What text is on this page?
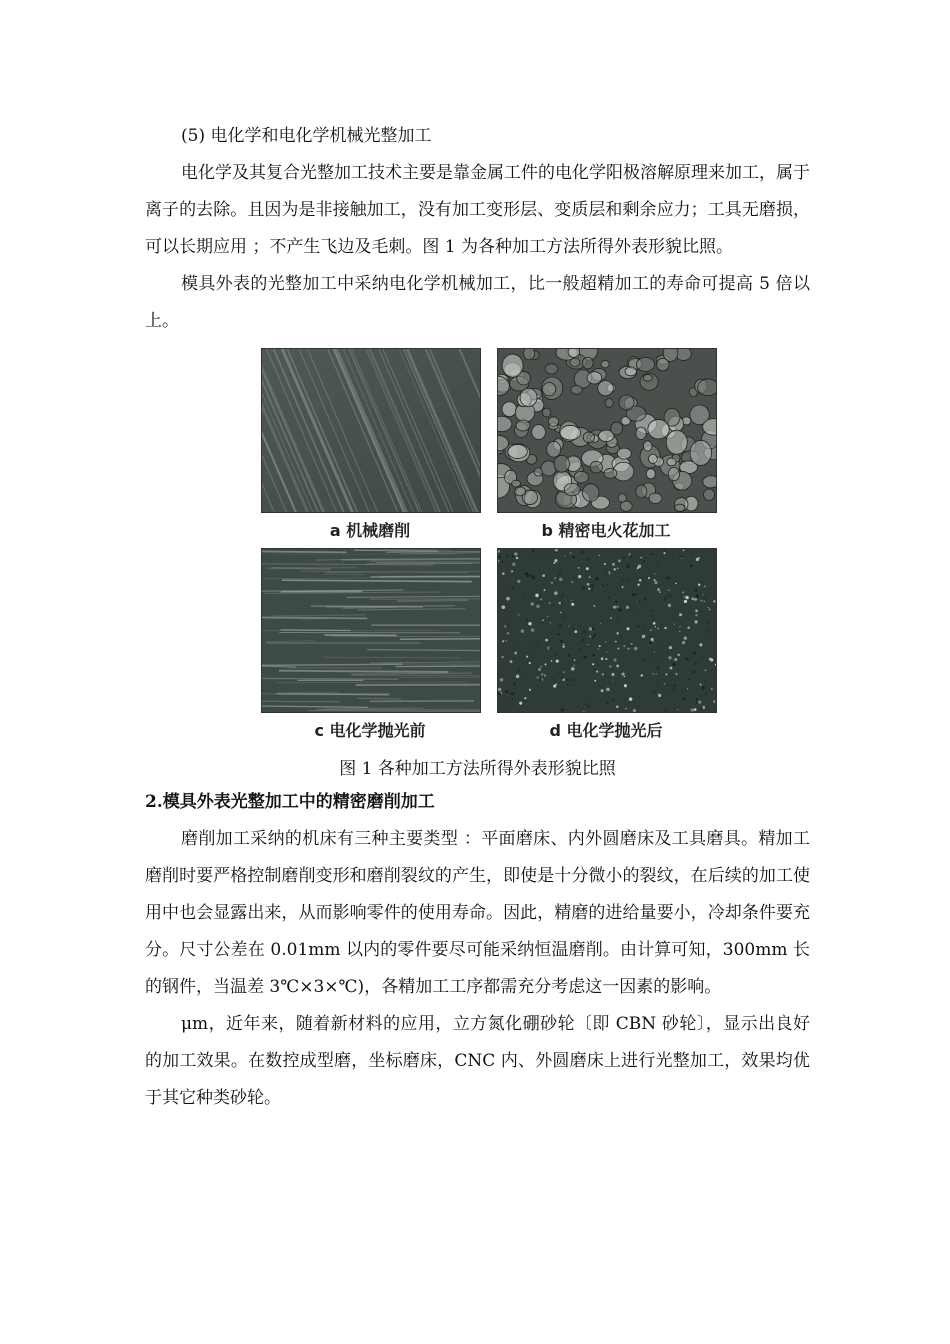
(5) 电化学和电化学机械光整加工

电化学及其复合光整加工技术主要是靠金属工件的电化学阳极溶解原理来加工，属于离子的去除。且因为是非接触加工，没有加工变形层、变质层和剩余应力；工具无磨损，可以长期应用 ；不产生飞边及毛刺。图 1 为各种加工方法所得外表形貌比照。

模具外表的光整加工中采纳电化学机械加工，比一般超精加工的寿命可提高 5 倍以上。

a 机械磨削	b 精密电火花加工
c 电化学抛光前	d 电化学抛光后

图 1 各种加工方法所得外表形貌比照

2.模具外表光整加工中的精密磨削加工

磨削加工采纳的机床有三种主要类型 ：平面磨床、内外圆磨床及工具磨具。精加工磨削时要严格控制磨削变形和磨削裂纹的产生，即使是十分微小的裂纹，在后续的加工使用中也会显露出来，从而影响零件的使用寿命。因此，精磨的进给量要小，冷却条件要充分。尺寸公差在 0.01mm 以内的零件要尽可能采纳恒温磨削。由计算可知，300mm 长的钢件，当温差 3℃×3×℃)，各精加工工序都需充分考虑这一因素的影响。

μm，近年来，随着新材料的应用，立方氮化硼砂轮〔即 CBN 砂轮〕，显示出良好的加工效果。在数控成型磨，坐标磨床，CNC 内、外圆磨床上进行光整加工，效果均优于其它种类砂轮。
